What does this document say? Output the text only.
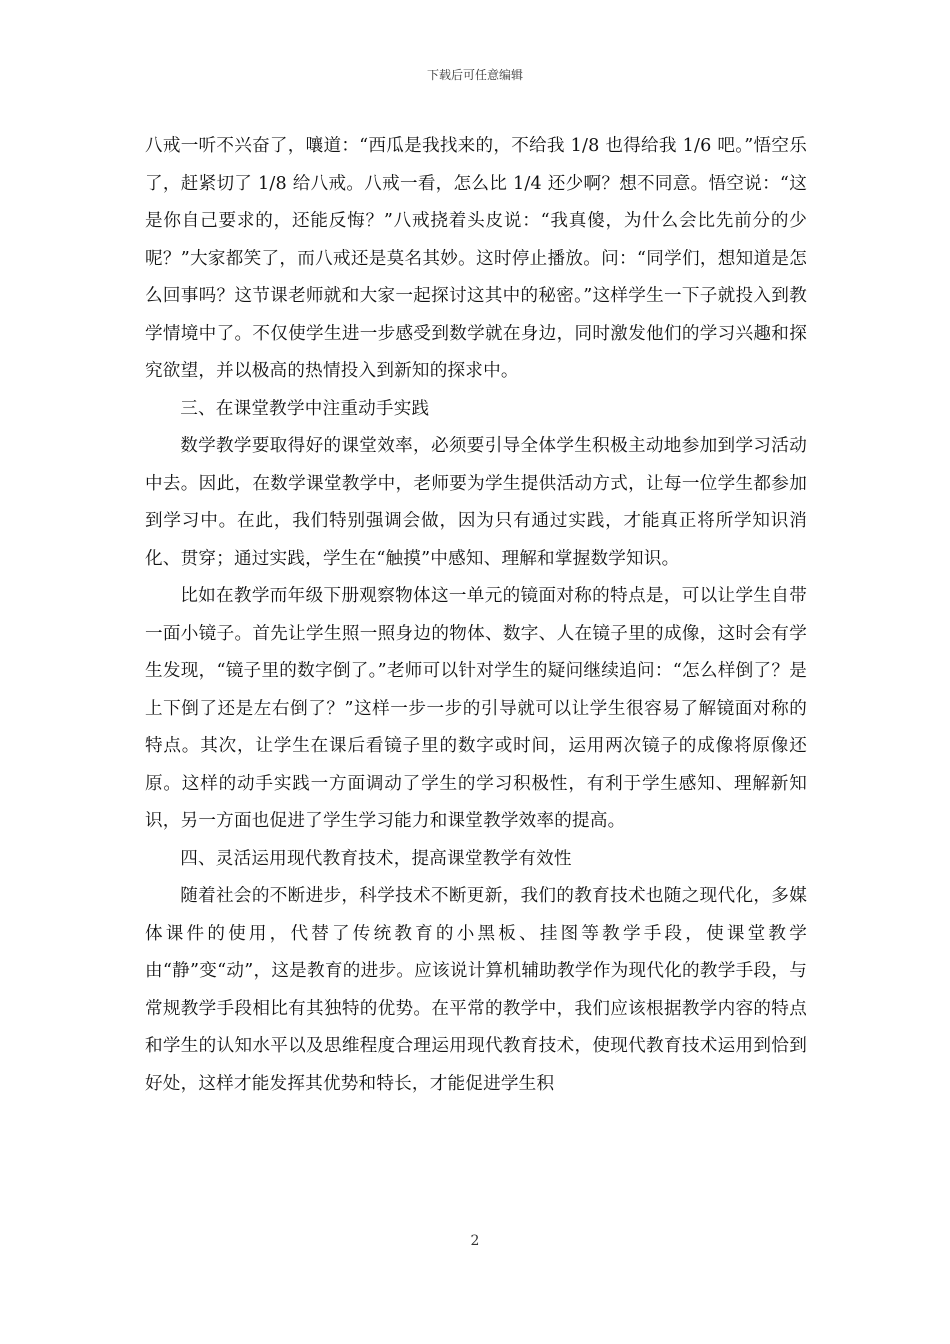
下载后可任意编辑

八戒一听不兴奋了，嚷道：“西瓜是我找来的，不给我 1/8 也得给我 1/6 吧。”悟空乐了，赶紧切了 1/8 给八戒。八戒一看，怎么比 1/4 还少啊？想不同意。悟空说：“这是你自己要求的，还能反悔？”八戒挠着头皮说：“我真傻，为什么会比先前分的少呢？”大家都笑了，而八戒还是莫名其妙。这时停止播放。问：“同学们，想知道是怎么回事吗？这节课老师就和大家一起探讨这其中的秘密。”这样学生一下子就投入到教学情境中了。不仅使学生进一步感受到数学就在身边，同时激发他们的学习兴趣和探究欲望，并以极高的热情投入到新知的探求中。

三、在课堂教学中注重动手实践

数学教学要取得好的课堂效率，必须要引导全体学生积极主动地参加到学习活动中去。因此，在数学课堂教学中，老师要为学生提供活动方式，让每一位学生都参加到学习中。在此，我们特别强调会做，因为只有通过实践，才能真正将所学知识消化、贯穿；通过实践，学生在“触摸”中感知、理解和掌握数学知识。

比如在教学而年级下册观察物体这一单元的镜面对称的特点是，可以让学生自带一面小镜子。首先让学生照一照身边的物体、数字、人在镜子里的成像，这时会有学生发现，“镜子里的数字倒了。”老师可以针对学生的疑问继续追问：“怎么样倒了？是上下倒了还是左右倒了？”这样一步一步的引导就可以让学生很容易了解镜面对称的特点。其次，让学生在课后看镜子里的数字或时间，运用两次镜子的成像将原像还原。这样的动手实践一方面调动了学生的学习积极性，有利于学生感知、理解新知识，另一方面也促进了学生学习能力和课堂教学效率的提高。

四、灵活运用现代教育技术，提高课堂教学有效性

随着社会的不断进步，科学技术不断更新，我们的教育技术也随之现代化，多媒体课件的使用，代替了传统教育的小黑板、挂图等教学手段，使课堂教学由“静”变“动”，这是教育的进步。应该说计算机辅助教学作为现代化的教学手段，与常规教学手段相比有其独特的优势。在平常的教学中，我们应该根据教学内容的特点和学生的认知水平以及思维程度合理运用现代教育技术，使现代教育技术运用到恰到好处，这样才能发挥其优势和特长，才能促进学生积

2
